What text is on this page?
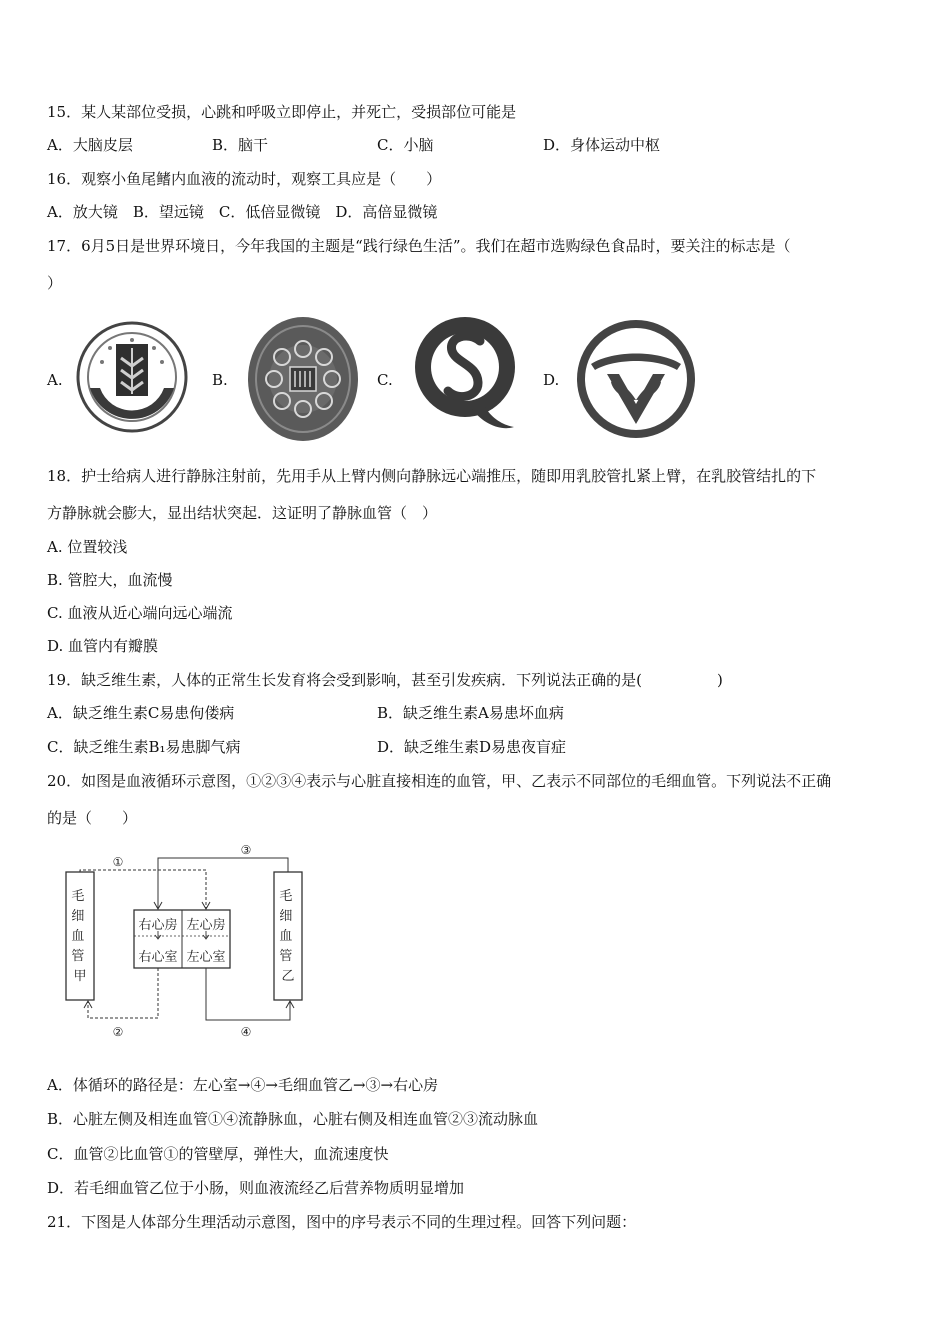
15．某人某部位受损，心跳和呼吸立即停止，并死亡，受损部位可能是
A．大脑皮层	B．脑干	C．小脑	D．身体运动中枢
16．观察小鱼尾鳍内血液的流动时，观察工具应是（　　）
A．放大镜　B．望远镜　C．低倍显微镜　D．高倍显微镜
17．6月5日是世界环境日，今年我国的主题是“践行绿色生活”。我们在超市选购绿色食品时，要关注的标志是（
）
A.	B.	C.	D.
18．护士给病人进行静脉注射前，先用手从上臂内侧向静脉远心端推压，随即用乳胶管扎紧上臂，在乳胶管结扎的下
方静脉就会膨大，显出结状突起．这证明了静脉血管（　）
A. 位置较浅
B. 管腔大，血流慢
C. 血液从近心端向远心端流
D. 血管内有瓣膜
19．缺乏维生素，人体的正常生长发育将会受到影响，甚至引发疾病．下列说法正确的是(　　　　　)
A．缺乏维生素C易患佝偻病	B．缺乏维生素A易患坏血病
C．缺乏维生素B₁易患脚气病	D．缺乏维生素D易患夜盲症
20．如图是血液循环示意图，①②③④表示与心脏直接相连的血管，甲、乙表示不同部位的毛细血管。下列说法不正确
的是（　　）
毛 细 血 管 甲
毛 细 血 管 乙
右心房 左心房
右心室 左心室
①
③
②	④
A．体循环的路径是：左心室→④→毛细血管乙→③→右心房
B．心脏左侧及相连血管①④流静脉血，心脏右侧及相连血管②③流动脉血
C．血管②比血管①的管壁厚，弹性大，血流速度快
D．若毛细血管乙位于小肠，则血液流经乙后营养物质明显增加
21．下图是人体部分生理活动示意图，图中的序号表示不同的生理过程。回答下列问题：
